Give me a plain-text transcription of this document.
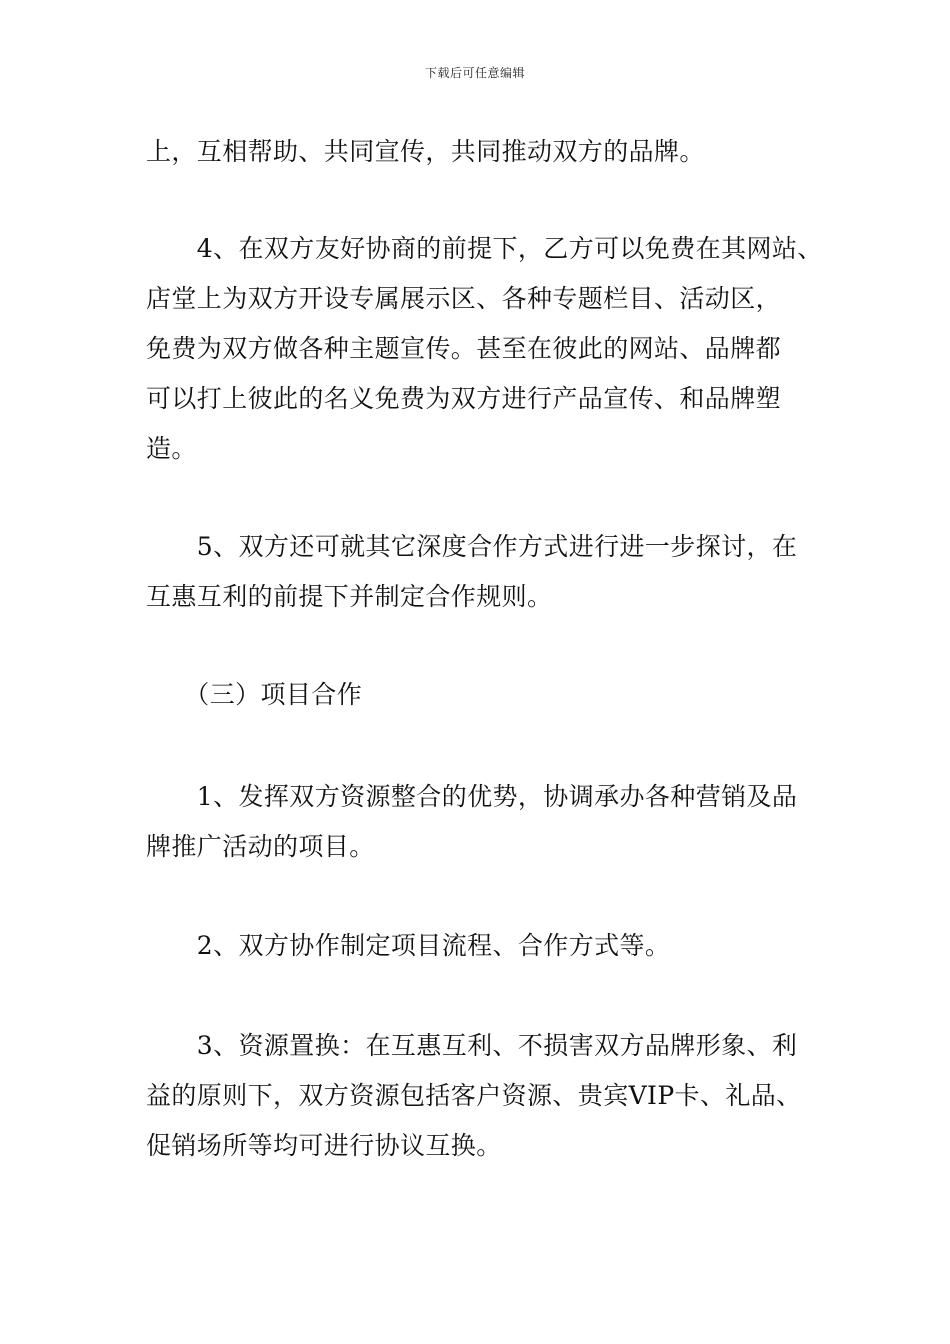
下载后可任意编辑
上，互相帮助、共同宣传，共同推动双方的品牌。
　　4、在双方友好协商的前提下，乙方可以免费在其网站、
店堂上为双方开设专属展示区、各种专题栏目、活动区，
免费为双方做各种主题宣传。甚至在彼此的网站、品牌都
可以打上彼此的名义免费为双方进行产品宣传、和品牌塑
造。
　　5、双方还可就其它深度合作方式进行进一步探讨，在
互惠互利的前提下并制定合作规则。
　　（三）项目合作
　　1、发挥双方资源整合的优势，协调承办各种营销及品
牌推广活动的项目。
　　2、双方协作制定项目流程、合作方式等。
　　3、资源置换：在互惠互利、不损害双方品牌形象、利
益的原则下，双方资源包括客户资源、贵宾VIP卡、礼品、
促销场所等均可进行协议互换。
